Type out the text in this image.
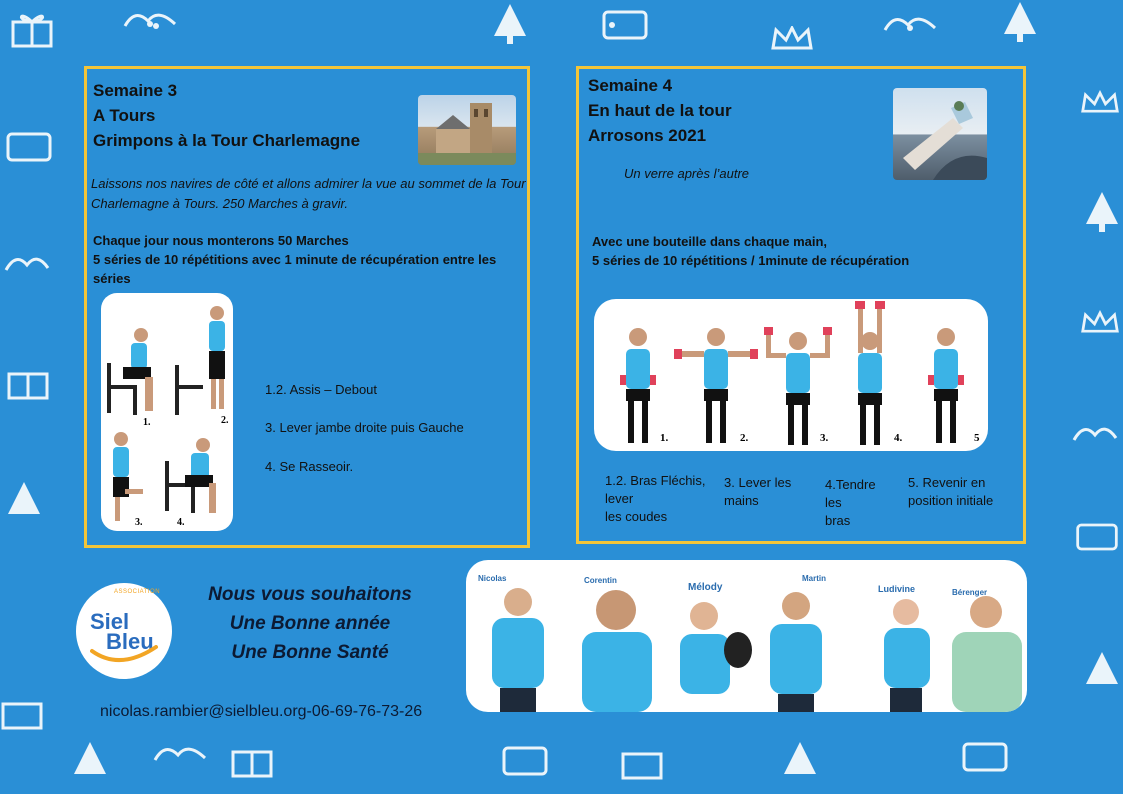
Semaine 3
A Tours
Grimpons à la Tour Charlemagne
Laissons nos navires de côté et allons admirer la vue au sommet de la Tour Charlemagne à Tours. 250 Marches à gravir.
Chaque jour nous monterons 50 Marches
5 séries de 10 répétitions avec 1 minute de récupération entre les séries
1.	2.
3.	4.
1.2. Assis – Debout
3. Lever jambe droite puis Gauche
4. Se Rasseoir.
Semaine 4
En haut de la tour
Arrosons 2021
Un verre après l’autre
Avec une bouteille dans chaque main,
5 séries de 10 répétitions / 1minute de récupération
1.	2.	3.	4.	5
1.2. Bras Fléchis,
lever
les coudes
3. Lever les
mains
4.Tendre
les
bras
5. Revenir en
position initiale
ASSOCIATION
Siel
Bleu
Nous vous souhaitons
Une Bonne année
Une Bonne Santé
nicolas.rambier@sielbleu.org-06-69-76-73-26
Nicolas	Corentin
Mélody
Martin
Ludivine	Bérenger
